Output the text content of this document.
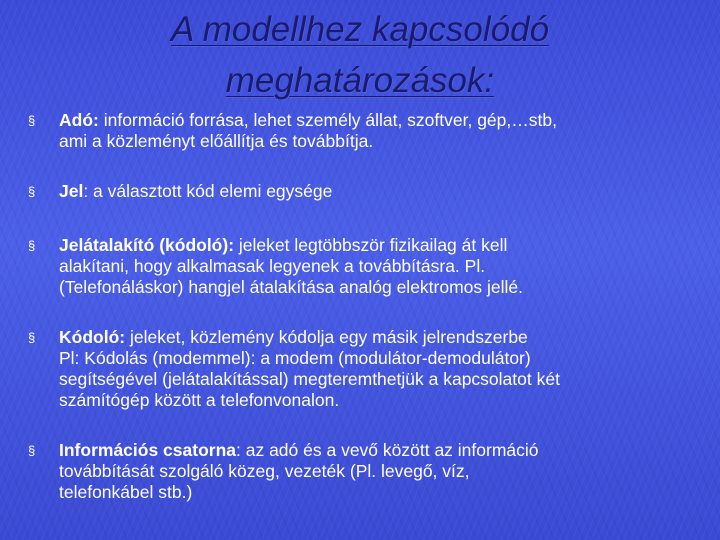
A modellhez kapcsolódó
meghatározások:
§ Adó: információ forrása, lehet személy állat, szoftver, gép,…stb,
ami a közleményt előállítja és továbbítja.
§ Jel: a választott kód elemi egysége
§ Jelátalakító (kódoló): jeleket legtöbbször fizikailag át kell
alakítani, hogy alkalmasak legyenek a továbbításra. Pl.
(Telefonáláskor) hangjel átalakítása analóg elektromos jellé.
§ Kódoló: jeleket, közlemény kódolja egy másik jelrendszerbe
Pl: Kódolás (modemmel): a modem (modulátor-demodulátor)
segítségével (jelátalakítással) megteremthetjük a kapcsolatot két
számítógép között a telefonvonalon.
§ Információs csatorna: az adó és a vevő között az információ
továbbítását szolgáló közeg, vezeték (Pl. levegő, víz,
telefonkábel stb.)
